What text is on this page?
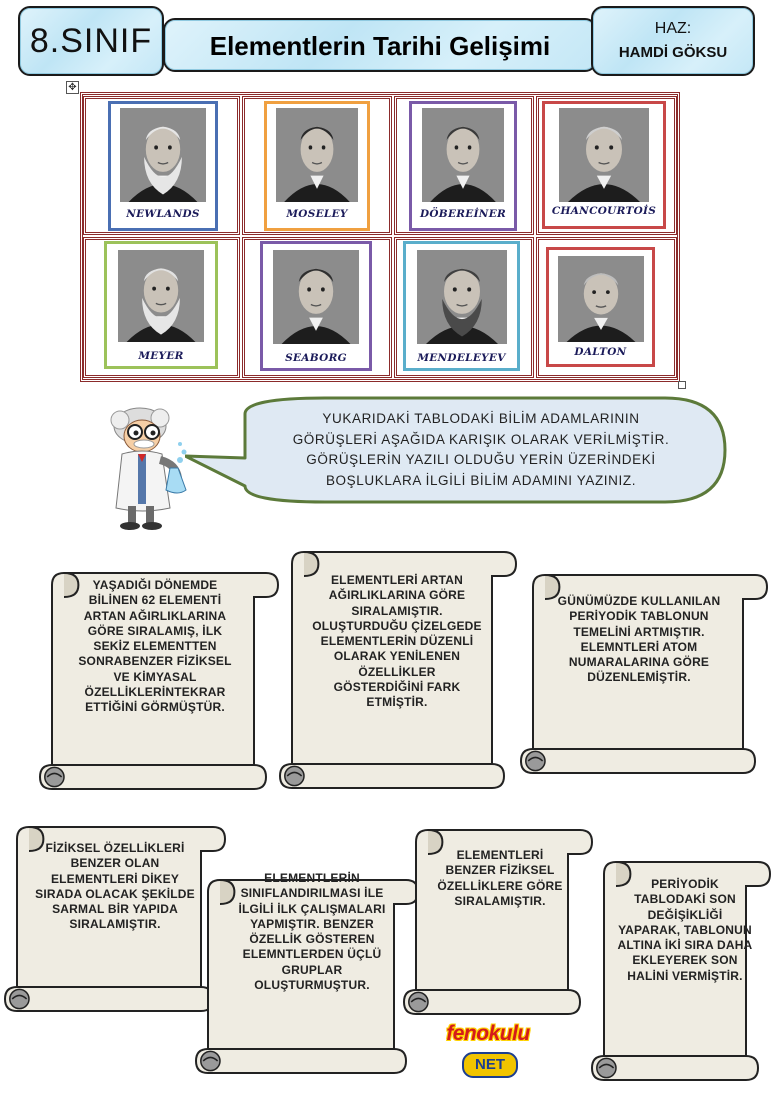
8.SINIF	Elementlerin Tarihi Gelişimi
HAZ:
HAMDİ GÖKSU
✥
NEWLANDS	MOSELEY	DÖBEREİNER	CHANCOURTOİS
MEYER	SEABORG	MENDELEYEV	DALTON
YUKARIDAKİ TABLODAKİ BİLİM ADAMLARININ
GÖRÜŞLERİ AŞAĞIDA KARIŞIK OLARAK VERİLMİŞTİR.
GÖRÜŞLERİN YAZILI OLDUĞU YERİN ÜZERİNDEKİ
BOŞLUKLARA İLGİLİ BİLİM ADAMINI YAZINIZ.
YAŞADIĞI DÖNEMDE BİLİNEN 62 ELEMENTİ ARTAN AĞIRLIKLARINA GÖRE SIRALAMIŞ, İLK SEKİZ ELEMENTTEN SONRABENZER FİZİKSEL VE KİMYASAL ÖZELLİKLERİNTEKRAR ETTİĞİNİ GÖRMÜŞTÜR.
ELEMENTLERİ ARTAN AĞIRLIKLARINA GÖRE SIRALAMIŞTIR. OLUŞTURDUĞU ÇİZELGEDE ELEMENTLERİN DÜZENLİ OLARAK YENİLENEN ÖZELLİKLER GÖSTERDİĞİNİ FARK ETMİŞTİR.
GÜNÜMÜZDE KULLANILAN PERİYODİK TABLONUN TEMELİNİ ARTMIŞTIR. ELEMNTLERİ ATOM NUMARALARINA GÖRE DÜZENLEMİŞTİR.
FİZİKSEL ÖZELLİKLERİ BENZER OLAN ELEMENTLERİ DİKEY SIRADA OLACAK ŞEKİLDE SARMAL BİR YAPIDA SIRALAMIŞTIR.
ELEMENTLERİN SINIFLANDIRILMASI İLE İLGİLİ İLK ÇALIŞMALARI YAPMIŞTIR. BENZER ÖZELLİK GÖSTEREN ELEMNTLERDEN ÜÇLÜ GRUPLAR OLUŞTURMUŞTUR.
ELEMENTLERİ BENZER FİZİKSEL ÖZELLİKLERE GÖRE SIRALAMIŞTIR.
PERİYODİK TABLODAKİ SON DEĞİŞİKLİĞİ YAPARAK, TABLONUN ALTINA İKİ SIRA DAHA EKLEYEREK SON HALİNİ VERMİŞTİR.
fenokulu
NET
